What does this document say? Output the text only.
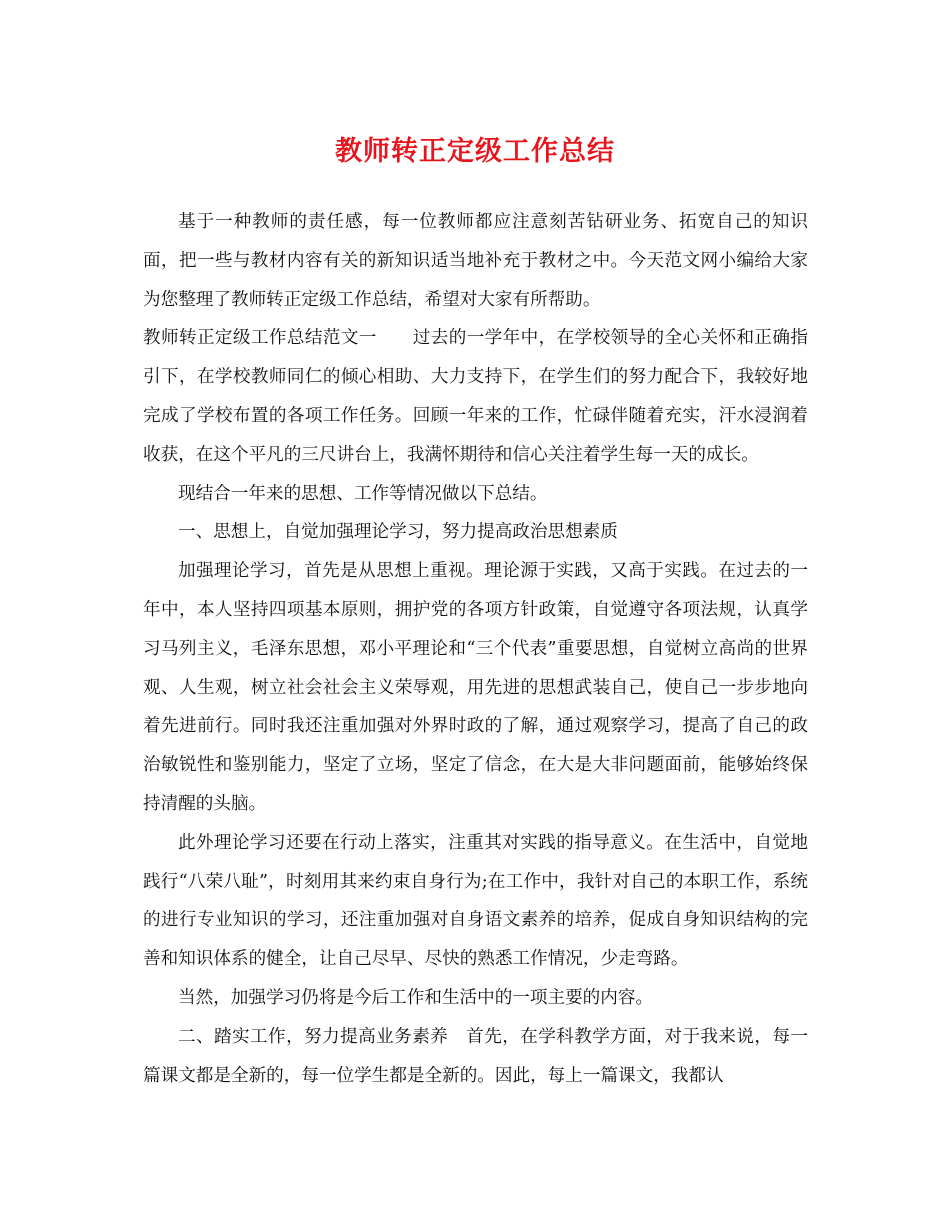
教师转正定级工作总结

基于一种教师的责任感，每一位教师都应注意刻苦钻研业务、拓宽自己的知识面，把一些与教材内容有关的新知识适当地补充于教材之中。今天范文网小编给大家为您整理了教师转正定级工作总结，希望对大家有所帮助。

教师转正定级工作总结范文一　　过去的一学年中，在学校领导的全心关怀和正确指引下，在学校教师同仁的倾心相助、大力支持下，在学生们的努力配合下，我较好地完成了学校布置的各项工作任务。回顾一年来的工作，忙碌伴随着充实，汗水浸润着收获，在这个平凡的三尺讲台上，我满怀期待和信心关注着学生每一天的成长。

现结合一年来的思想、工作等情况做以下总结。

一、思想上，自觉加强理论学习，努力提高政治思想素质

加强理论学习，首先是从思想上重视。理论源于实践，又高于实践。在过去的一年中，本人坚持四项基本原则，拥护党的各项方针政策，自觉遵守各项法规，认真学习马列主义，毛泽东思想，邓小平理论和“三个代表”重要思想，自觉树立高尚的世界观、人生观，树立社会社会主义荣辱观，用先进的思想武装自己，使自己一步步地向着先进前行。同时我还注重加强对外界时政的了解，通过观察学习，提高了自己的政治敏锐性和鉴别能力，坚定了立场，坚定了信念，在大是大非问题面前，能够始终保持清醒的头脑。

此外理论学习还要在行动上落实，注重其对实践的指导意义。在生活中，自觉地践行“八荣八耻”，时刻用其来约束自身行为;在工作中，我针对自己的本职工作，系统的进行专业知识的学习，还注重加强对自身语文素养的培养，促成自身知识结构的完善和知识体系的健全，让自己尽早、尽快的熟悉工作情况，少走弯路。

当然，加强学习仍将是今后工作和生活中的一项主要的内容。

二、踏实工作，努力提高业务素养　首先，在学科教学方面，对于我来说，每一篇课文都是全新的，每一位学生都是全新的。因此，每上一篇课文，我都认
